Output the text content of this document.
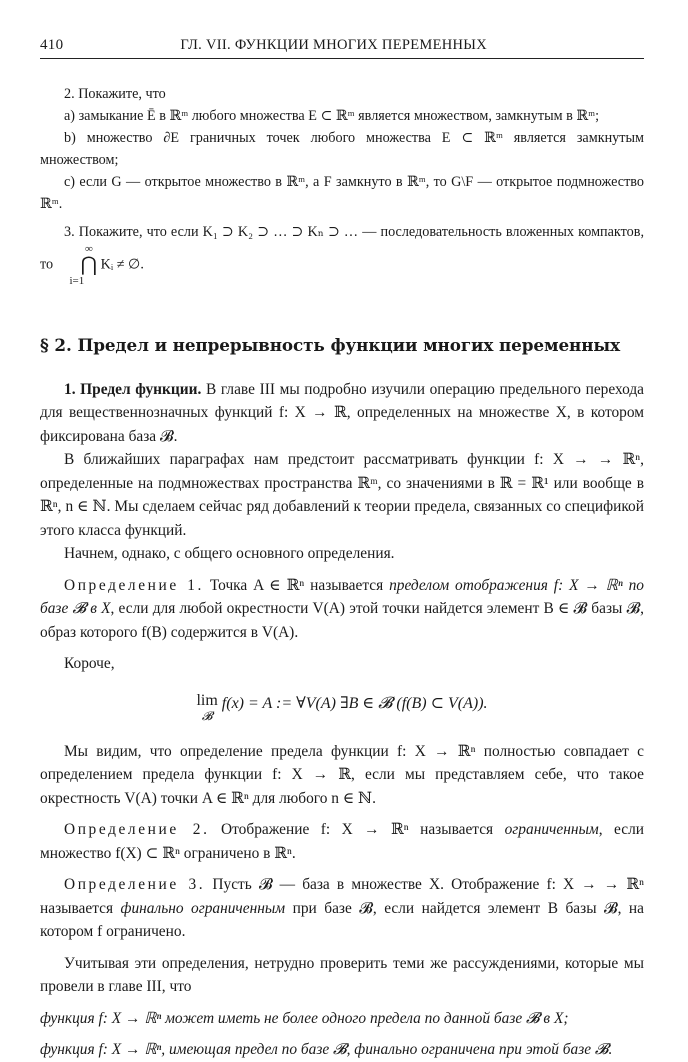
410	ГЛ. VII. ФУНКЦИИ МНОГИХ ПЕРЕМЕННЫХ

2. Покажите, что

а) замыкание Ē в ℝᵐ любого множества E ⊂ ℝᵐ является множеством, замкнутым в ℝᵐ;

b) множество ∂E граничных точек любого множества E ⊂ ℝᵐ является замкнутым множеством;

c) если G — открытое множество в ℝᵐ, а F замкнуто в ℝᵐ, то G\F — открытое подмножество ℝᵐ.

3. Покажите, что если K₁ ⊃ K₂ ⊃ … ⊃ Kₙ ⊃ … — последовательность вложенных компактов, то ∞
⋂
i=1 Kᵢ ≠ ∅.

§ 2. Предел и непрерывность функции многих переменных

1. Предел функции. В главе III мы подробно изучили операцию предельного перехода для вещественнозначных функций f: X → ℝ, определенных на множестве X, в котором фиксирована база 𝓑.

В ближайших параграфах нам предстоит рассматривать функции f: X → → ℝⁿ, определенные на подмножествах пространства ℝᵐ, со значениями в ℝ = ℝ¹ или вообще в ℝⁿ, n ∈ ℕ. Мы сделаем сейчас ряд добавлений к теории предела, связанных со спецификой этого класса функций.

Начнем, однако, с общего основного определения.

Определение 1. Точка A ∈ ℝⁿ называется пределом отображения f: X → ℝⁿ по базе 𝓑 в X, если для любой окрестности V(A) этой точки найдется элемент B ∈ 𝓑 базы 𝓑, образ которого f(B) содержится в V(A).

Короче,

lim
𝓑
f(x) = A := ∀V(A) ∃B ∈ 𝓑 (f(B) ⊂ V(A)).

Мы видим, что определение предела функции f: X → ℝⁿ полностью совпадает с определением предела функции f: X → ℝ, если мы представляем себе, что такое окрестность V(A) точки A ∈ ℝⁿ для любого n ∈ ℕ.

Определение 2. Отображение f: X → ℝⁿ называется ограниченным, если множество f(X) ⊂ ℝⁿ ограничено в ℝⁿ.

Определение 3. Пусть 𝓑 — база в множестве X. Отображение f: X → → ℝⁿ называется финально ограниченным при базе 𝓑, если найдется элемент B базы 𝓑, на котором f ограничено.

Учитывая эти определения, нетрудно проверить теми же рассуждениями, которые мы провели в главе III, что

функция f: X → ℝⁿ может иметь не более одного предела по данной базе 𝓑 в X;

функция f: X → ℝⁿ, имеющая предел по базе 𝓑, финально ограничена при этой базе 𝓑.
